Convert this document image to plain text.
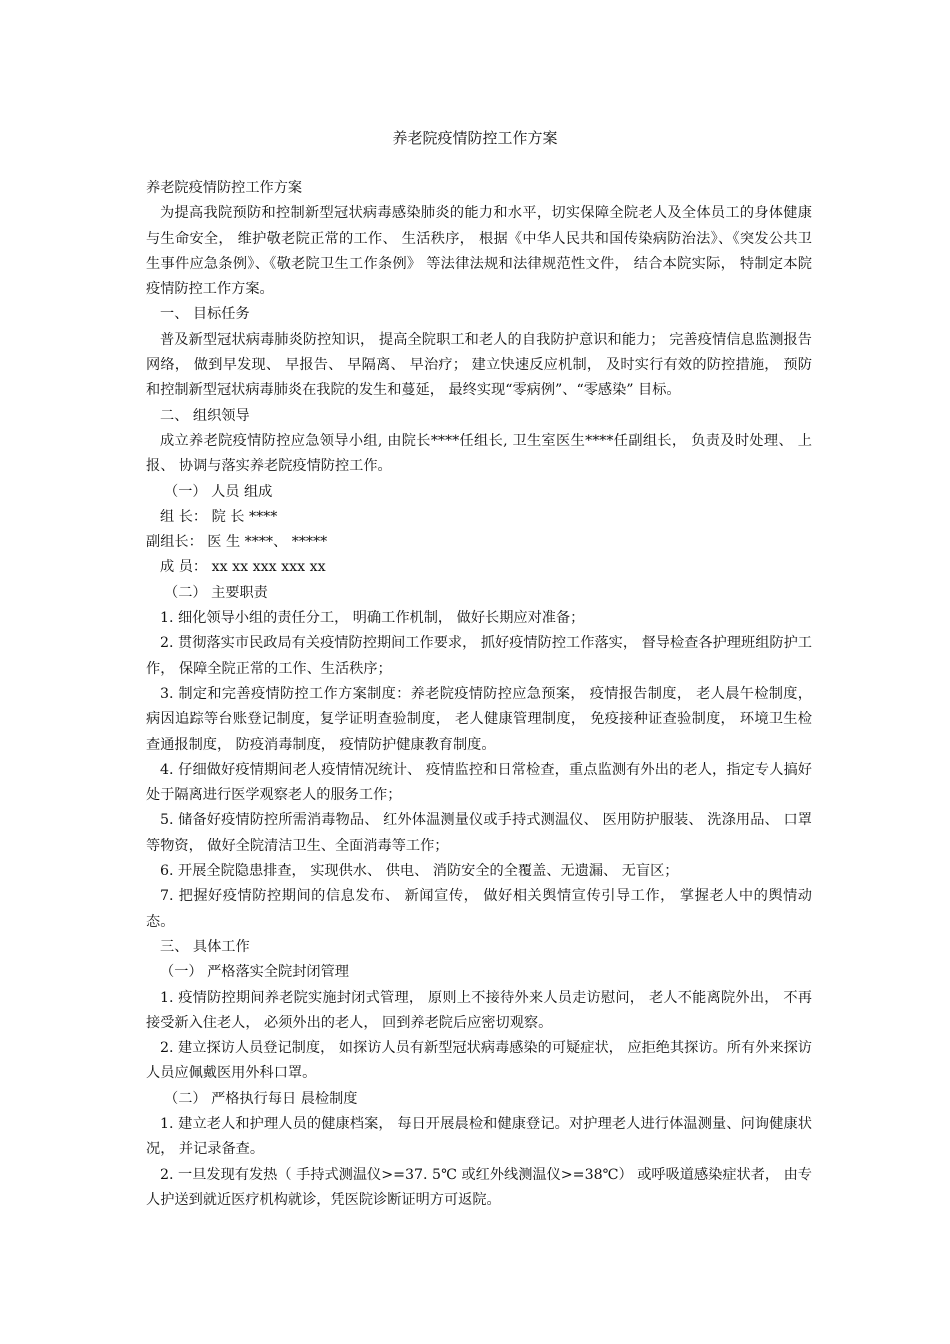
养老院疫情防控工作方案

养老院疫情防控工作方案

为提高我院预防和控制新型冠状病毒感染肺炎的能力和水平，切实保障全院老人及全体员工的身体健康与生命安全， 维护敬老院正常的工作、 生活秩序， 根据《中华人民共和国传染病防治法》、《突发公共卫生事件应急条例》、《敬老院卫生工作条例》 等法律法规和法律规范性文件， 结合本院实际， 特制定本院疫情防控工作方案。

一、 目标任务

普及新型冠状病毒肺炎防控知识， 提高全院职工和老人的自我防护意识和能力； 完善疫情信息监测报告网络， 做到早发现、 早报告、 早隔离、 早治疗； 建立快速反应机制， 及时实行有效的防控措施， 预防和控制新型冠状病毒肺炎在我院的发生和蔓延， 最终实现“零病例”、“零感染” 目标。

二、 组织领导

成立养老院疫情防控应急领导小组, 由院长****任组长, 卫生室医生****任副组长， 负责及时处理、 上报、 协调与落实养老院疫情防控工作。

（一） 人员 组成

组 长： 院 长 ****

副组长： 医 生 ****、 *****

成 员： xx xx xxx xxx xx

（二） 主要职责

1. 细化领导小组的责任分工， 明确工作机制， 做好长期应对准备；

2. 贯彻落实市民政局有关疫情防控期间工作要求， 抓好疫情防控工作落实， 督导检查各护理班组防护工作， 保障全院正常的工作、生活秩序；

3. 制定和完善疫情防控工作方案制度：养老院疫情防控应急预案， 疫情报告制度， 老人晨午检制度， 病因追踪等台账登记制度，复学证明查验制度， 老人健康管理制度， 免疫接种证查验制度， 环境卫生检查通报制度， 防疫消毒制度， 疫情防护健康教育制度。

4. 仔细做好疫情期间老人疫情情况统计、 疫情监控和日常检查，重点监测有外出的老人，指定专人搞好处于隔离进行医学观察老人的服务工作；

5. 储备好疫情防控所需消毒物品、 红外体温测量仪或手持式测温仪、 医用防护服装、 洗涤用品、 口罩等物资， 做好全院清洁卫生、全面消毒等工作；

6. 开展全院隐患排查， 实现供水、 供电、 消防安全的全覆盖、无遗漏、 无盲区；

7. 把握好疫情防控期间的信息发布、 新闻宣传， 做好相关舆情宣传引导工作， 掌握老人中的舆情动态。

三、 具体工作

（一） 严格落实全院封闭管理

1. 疫情防控期间养老院实施封闭式管理， 原则上不接待外来人员走访慰问， 老人不能离院外出， 不再接受新入住老人， 必须外出的老人， 回到养老院后应密切观察。

2. 建立探访人员登记制度， 如探访人员有新型冠状病毒感染的可疑症状， 应拒绝其探访。所有外来探访人员应佩戴医用外科口罩。

（二） 严格执行每日 晨检制度

1. 建立老人和护理人员的健康档案， 每日开展晨检和健康登记。对护理老人进行体温测量、问询健康状况， 并记录备查。

2. 一旦发现有发热（ 手持式测温仪>=37. 5℃ 或红外线测温仪>=38℃） 或呼吸道感染症状者， 由专人护送到就近医疗机构就诊，凭医院诊断证明方可返院。
